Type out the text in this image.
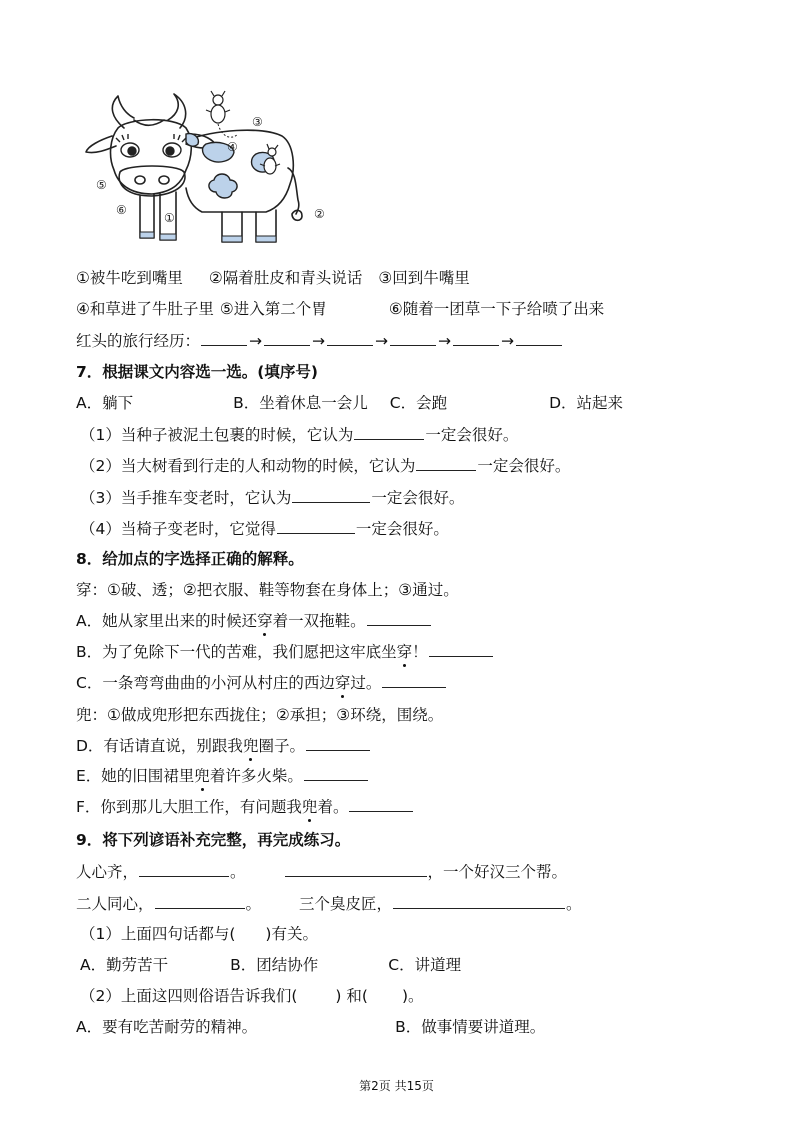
③
④
⑤
⑥
①	②
①被牛吃到嘴里 ②隔着肚皮和青头说话 ③回到牛嘴里
④和草进了牛肚子里 ⑤进入第二个胃	⑥随着一团草一下子给喷了出来
红头的旅行经历：	→	→	→	→	→
7．根据课文内容选一选。(填序号)
A．躺下	B．坐着休息一会儿 C．会跑	D．站起来
（1）当种子被泥土包裹的时候，它认为	一定会很好。
（2）当大树看到行走的人和动物的时候，它认为	一定会很好。
（3）当手推车变老时，它认为	一定会很好。
（4）当椅子变老时，它觉得	一定会很好。
8．给加点的字选择正确的解释。
穿：①破、透；②把衣服、鞋等物套在身体上；③通过。
A．她从家里出来的时候还穿着一双拖鞋。
B．为了免除下一代的苦难，我们愿把这牢底坐穿！
C．一条弯弯曲曲的小河从村庄的西边穿过。
兜：①做成兜形把东西拢住；②承担；③环绕，围绕。
D．有话请直说，别跟我兜圈子。
E．她的旧围裙里兜着许多火柴。
F．你到那儿大胆工作，有问题我兜着。
9．将下列谚语补充完整，再完成练习。
人心齐，	。	，一个好汉三个帮。
二人同心，	。 三个臭皮匠，	。
（1）上面四句话都与( )有关。
A．勤劳苦干	B．团结协作	C．讲道理
（2）上面这四则俗语告诉我们( ) 和( )。
A．要有吃苦耐劳的精神。	B．做事情要讲道理。
第2页 共15页
